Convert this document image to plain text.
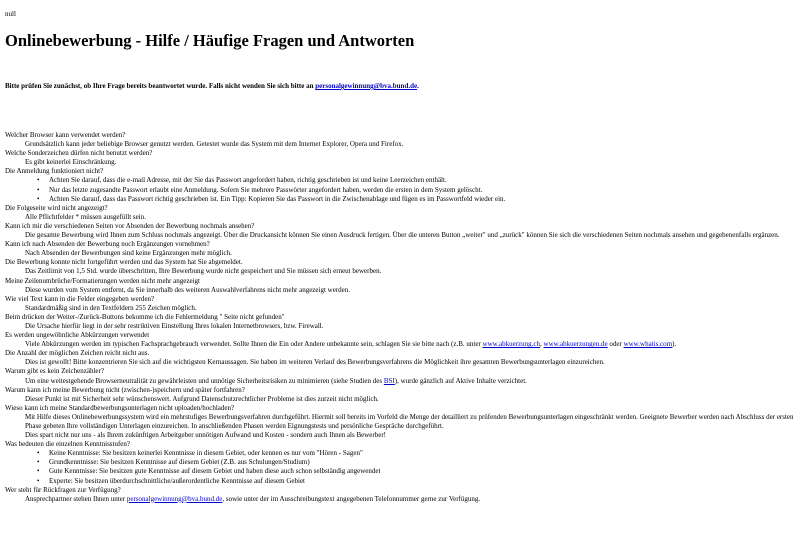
null
Onlinebewerbung - Hilfe / Häufige Fragen und Antworten

Bitte prüfen Sie zunächst, ob Ihre Frage bereits beantwortet wurde. Falls nicht wenden Sie sich bitte an personalgewinnung@bva.bund.de.

Welcher Browser kann verwendet werden?
Grundsätzlich kann jeder beliebige Browser genutzt werden. Getestet wurde das System mit dem Internet Explorer, Opera und Firefox.
Welche Sonderzeichen dürfen nicht benutzt werden?
Es gibt keinerlei Einschränkung.
Die Anmeldung funktioniert nicht?
• Achten Sie darauf, dass die e-mail Adresse, mit der Sie das Passwort angefordert haben, richtig geschrieben ist und keine Leerzeichen enthält.
• Nur das letzte zugesandte Passwort erlaubt eine Anmeldung. Sofern Sie mehrere Passwörter angefordert haben, werden die ersten in dem System gelöscht.
• Achten Sie darauf, dass das Passwort richtig geschrieben ist. Ein Tipp: Kopieren Sie das Passwort in die Zwischenablage und fügen es im Passwortfeld wieder ein.
Die Folgeseite wird nicht angezeigt?
Alle Pflichtfelder * müssen ausgefüllt sein.
Kann ich mir die verschiedenen Seiten vor Absenden der Bewerbung nochmals ansehen?
Die gesamte Bewerbung wird Ihnen zum Schluss nochmals angezeigt. Über die Druckansicht können Sie einen Ausdruck fertigen. Über die unteren Button „weiter" und „zurück" können Sie sich die verschiedenen Seiten nochmals ansehen und gegebenenfalls ergänzen.
Kann ich nach Absenden der Bewerbung noch Ergänzungen vornehmen?
Nach Absenden der Bewerbungen sind keine Ergänzungen mehr möglich.
Die Bewerbung konnte nicht fortgeführt werden und das System hat Sie abgemeldet.
Das Zeitlimit von 1,5 Std. wurde überschritten, Ihre Bewerbung wurde nicht gespeichert und Sie müssen sich erneut bewerben.
Meine Zeilenumbrüche/Formatierungen werden nicht mehr angezeigt
Diese wurden vom System entfernt, da Sie innerhalb des weiteren Auswahlverfahrens nicht mehr angezeigt werden.
Wie viel Text kann in die Felder eingegeben werden?
Standardmäßig sind in den Textfeldern 255 Zeichen möglich.
Beim drücken der Weiter-/Zurück-Buttons bekomme ich die Fehlermeldung " Seite nicht gefunden"
Die Ursache hierfür liegt in der sehr restriktiven Einstellung Ihres lokalen Internetbrowsers, bzw. Firewall.
Es werden ungewöhnliche Abkürzungen verwendet
Viele Abkürzungen werden im typischen Fachsprachgebrauch verwendet. Sollte Ihnen die Ein oder Andere unbekannte sein, schlagen Sie sie bitte nach (z.B. unter www.abkuerzung.ch, www.abkuerzungen.de oder www.whatis.com).
Die Anzahl der möglichen Zeichen reicht nicht aus.
Dies ist gewollt! Bitte konzentrieren Sie sich auf die wichtigsten Kernaussagen. Sie haben im weiteren Verlauf des Bewerbungsverfahrens die Möglichkeit ihre gesamten Bewerbungsunterlagen einzureichen.
Warum gibt es kein Zeichenzähler?
Um eine weitestgehende Browserneutralität zu gewährleisten und unnötige Sicherheitsrisiken zu minimieren (siehe Studien des BSI), wurde gänzlich auf Aktive Inhalte verzichtet.
Warum kann ich meine Bewerbung nicht (zwischen-)speichern und später fortfahren?
Dieser Punkt ist mit Sicherheit sehr wünschenswert. Aufgrund Datenschutzrechtlicher Probleme ist dies zurzeit nicht möglich.
Wieso kann ich meine Standardbewerbungsunterlagen nicht uploaden/hochladen?
Mit Hilfe dieses Onlinebewerbungssystem wird ein mehrstufiges Bewerbungsverfahren durchgeführt. Hiermit soll bereits im Vorfeld die Menge der detailliert zu prüfenden Bewerbungsunterlagen eingeschränkt werden. Geeignete Bewerber werden nach Abschluss der ersten Phase gebeten Ihre vollständigen Unterlagen einzureichen. In anschließenden Phasen werden Eignungstests und persönliche Gespräche durchgeführt.
Dies spart nicht nur uns - als Ihrem zukünftigen Arbeitgeber unnötigen Aufwand und Kosten - sondern auch Ihnen als Bewerber!
Was bedeuten die einzelnen Kenntnisstufen?
• Keine Kenntnisse: Sie besitzen keinerlei Kenntnisse in diesem Gebiet, oder kennen es nur vom "Hören - Sagen"
• Grundkenntnisse: Sie besitzen Kenntnisse auf diesem Gebiet (Z.B. aus Schulungen/Studium)
• Gute Kenntnisse: Sie besitzen gute Kenntnisse auf diesem Gebiet und haben diese auch schon selbständig angewendet
• Experte: Sie besitzen überdurchschnittliche/außerordentliche Kenntnisse auf diesem Gebiet
Wer steht für Rückfragen zur Verfügung?
Ansprechpartner stehen Ihnen unter personalgewinnung@bva.bund.de, sowie unter der im Ausschreibungstext angegebenen Telefonnummer gerne zur Verfügung.
